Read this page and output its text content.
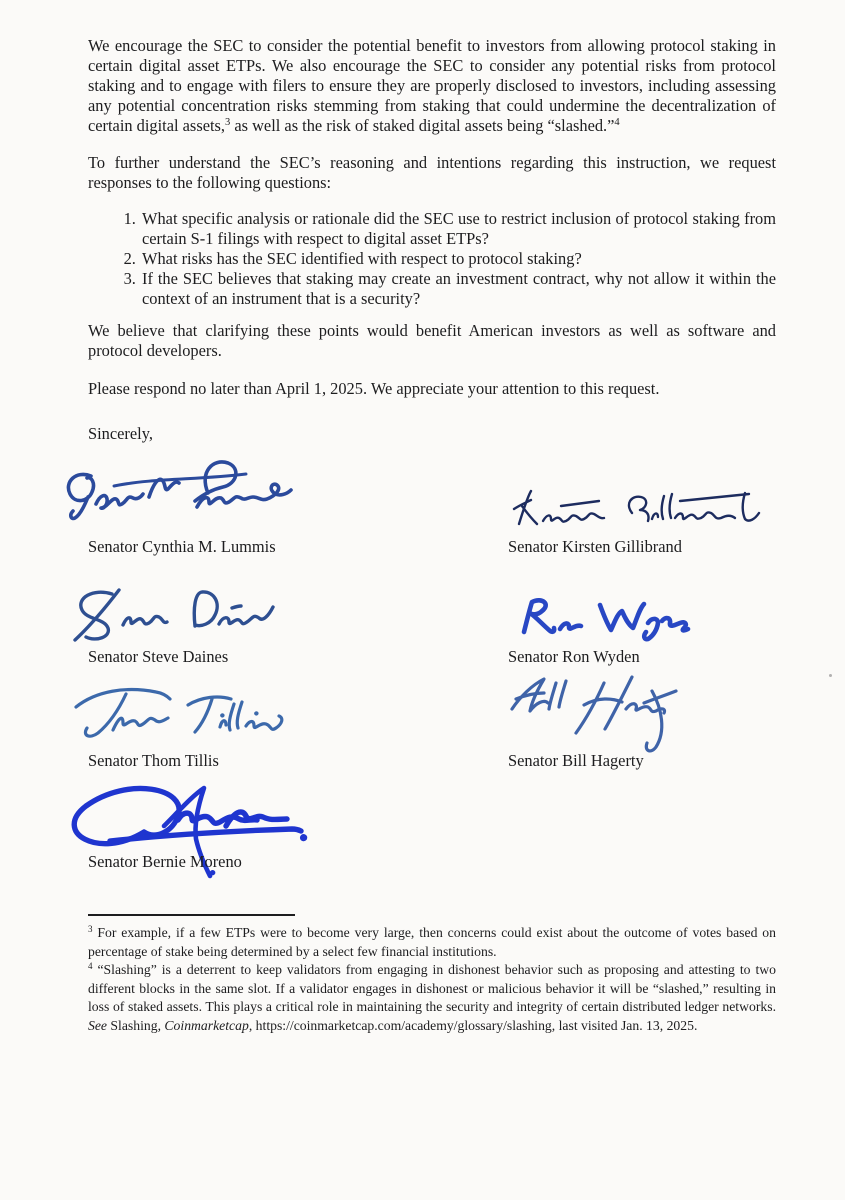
We encourage the SEC to consider the potential benefit to investors from allowing protocol staking in certain digital asset ETPs. We also encourage the SEC to consider any potential risks from protocol staking and to engage with filers to ensure they are properly disclosed to investors, including assessing any potential concentration risks stemming from staking that could undermine the decentralization of certain digital assets,$^3$ as well as the risk of staked digital assets being “slashed.”$^4$

To further understand the SEC’s reasoning and intentions regarding this instruction, we request responses to the following questions:

1. What specific analysis or rationale did the SEC use to restrict inclusion of protocol staking from certain S-1 filings with respect to digital asset ETPs?
2. What risks has the SEC identified with respect to protocol staking?
3. If the SEC believes that staking may create an investment contract, why not allow it within the context of an instrument that is a security?

We believe that clarifying these points would benefit American investors as well as software and protocol developers.

Please respond no later than April 1, 2025. We appreciate your attention to this request.

Sincerely,

Senator Cynthia M. Lummis	Senator Kirsten Gillibrand
Senator Steve Daines	Senator Ron Wyden
Senator Thom Tillis	Senator Bill Hagerty
Senator Bernie Moreno

$^3$ For example, if a few ETPs were to become very large, then concerns could exist about the outcome of votes based on percentage of stake being determined by a select few financial institutions.

$^4$ “Slashing” is a deterrent to keep validators from engaging in dishonest behavior such as proposing and attesting to two different blocks in the same slot. If a validator engages in dishonest or malicious behavior it will be “slashed,” resulting in loss of staked assets. This plays a critical role in maintaining the security and integrity of certain distributed ledger networks. See Slashing, Coinmarketcap, https://coinmarketcap.com/academy/glossary/slashing, last visited Jan. 13, 2025.
